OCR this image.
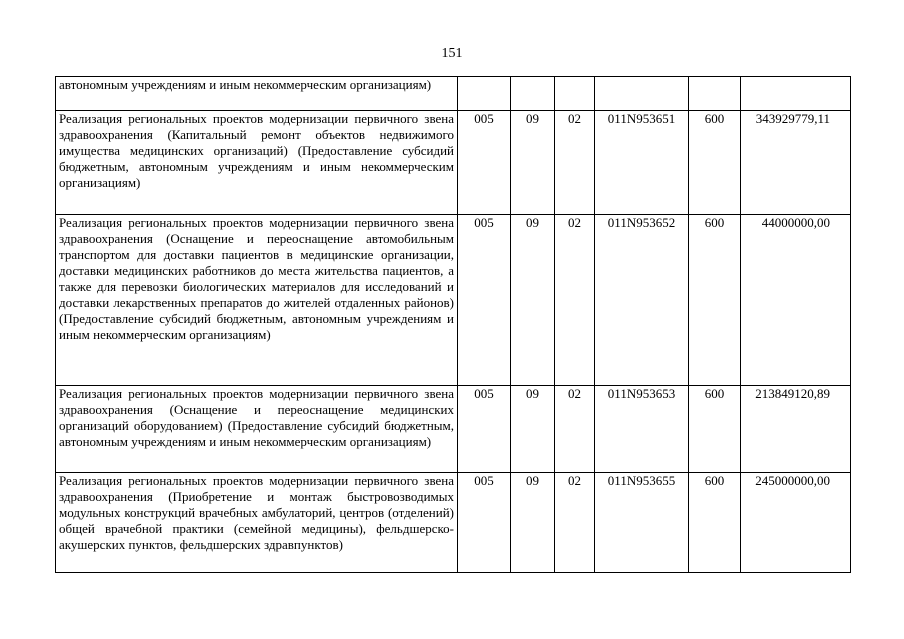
151
автономным учреждениям и иным некоммерческим организациям)						
Реализация региональных проектов модернизации первичного звена здравоохранения (Капитальный ремонт объектов недвижимого имущества медицинских организаций) (Предоставление субсидий бюджетным, автономным учреждениям и иным некоммерческим организациям)	005	09	02	011N953651	600	343929779,11
Реализация региональных проектов модернизации первичного звена здравоохранения (Оснащение и переоснащение автомобильным транспортом для доставки пациентов в медицинские организации, доставки медицинских работников до места жительства пациентов, а также для перевозки биологических материалов для исследований и доставки лекарственных препаратов до жителей отдаленных районов) (Предоставление субсидий бюджетным, автономным учреждениям и иным некоммерческим организациям)	005	09	02	011N953652	600	44000000,00
Реализация региональных проектов модернизации первичного звена здравоохранения (Оснащение и переоснащение медицинских организаций оборудованием) (Предоставление субсидий бюджетным, автономным учреждениям и иным некоммерческим организациям)	005	09	02	011N953653	600	213849120,89
Реализация региональных проектов модернизации первичного звена здравоохранения (Приобретение и монтаж быстровозводимых модульных конструкций врачебных амбулаторий, центров (отделений) общей врачебной практики (семейной медицины), фельдшерско-акушерских пунктов, фельдшерских здравпунктов)	005	09	02	011N953655	600	245000000,00
